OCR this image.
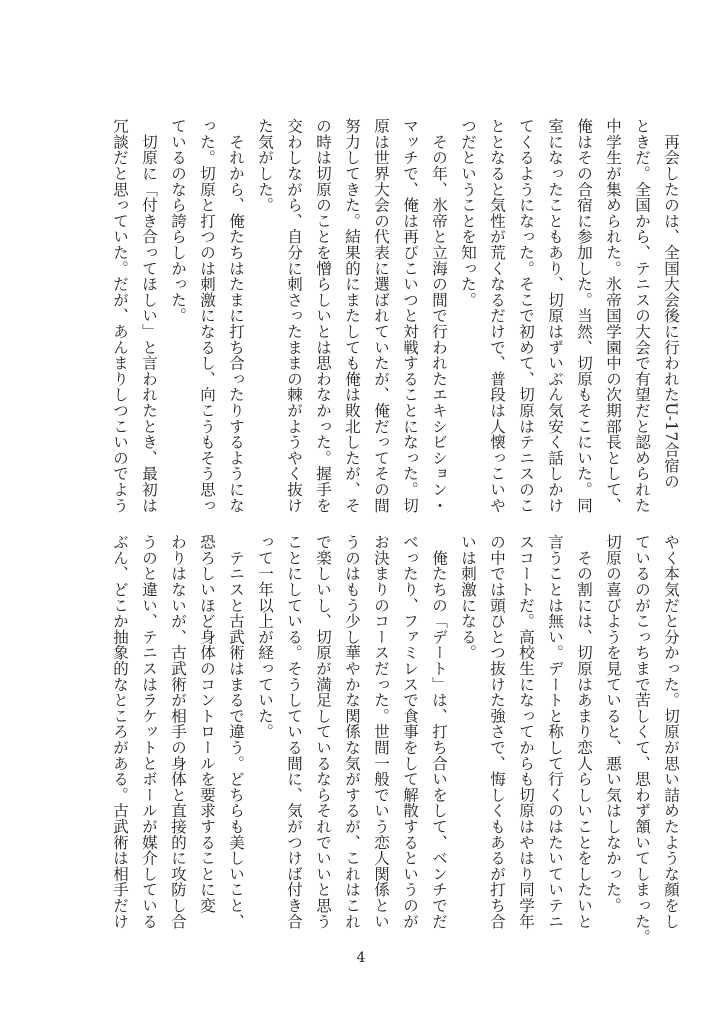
　再会したのは、全国大会後に行われたU‐17合宿の

ときだ。全国から、テニスの大会で有望だと認められた

中学生が集められた。氷帝国学園中の次期部長として、

俺はその合宿に参加した。当然、切原もそこにいた。同

室になったこともあり、切原はずいぶん気安く話しかけ

てくるようになった。そこで初めて、切原はテニスのこ

ととなると気性が荒くなるだけで、普段は人懐っこいや

つだということを知った。

　その年、氷帝と立海の間で行われたエキシビション・

マッチで、俺は再びこいつと対戦することになった。切

原は世界大会の代表に選ばれていたが、俺だってその間

努力してきた。結果的にまたしても俺は敗北したが、そ

の時は切原のことを憎らしいとは思わなかった。握手を

交わしながら、自分に刺さったままの棘がようやく抜け

た気がした。

　それから、俺たちはたまに打ち合ったりするようにな

った。切原と打つのは刺激になるし、向こうもそう思っ

ているのなら誇らしかった。

　切原に「付き合ってほしい」と言われたとき、最初は

冗談だと思っていた。だが、あんまりしつこいのでよう

やく本気だと分かった。切原が思い詰めたような顔をし

ているのがこっちまで苦しくて、思わず頷いてしまった。

切原の喜びようを見ていると、悪い気はしなかった。

　その割には、切原はあまり恋人らしいことをしたいと

言うことは無い。デートと称して行くのはたいていテニ

スコートだ。高校生になってからも切原はやはり同学年

の中では頭ひとつ抜けた強さで、悔しくもあるが打ち合

いは刺激になる。

　俺たちの「デート」は、打ち合いをして、ベンチでだ

べったり、ファミレスで食事をして解散するというのが

お決まりのコースだった。世間一般でいう恋人関係とい

うのはもう少し華やかな関係な気がするが、これはこれ

で楽しいし、切原が満足しているならそれでいいと思う

ことにしている。そうしている間に、気がつけば付き合

って一年以上が経っていた。

　テニスと古武術はまるで違う。どちらも美しいこと、

恐ろしいほど身体のコントロールを要求することに変

わりはないが、古武術が相手の身体と直接的に攻防し合

うのと違い、テニスはラケットとボールが媒介している

ぶん、どこか抽象的なところがある。古武術は相手だけ

4
